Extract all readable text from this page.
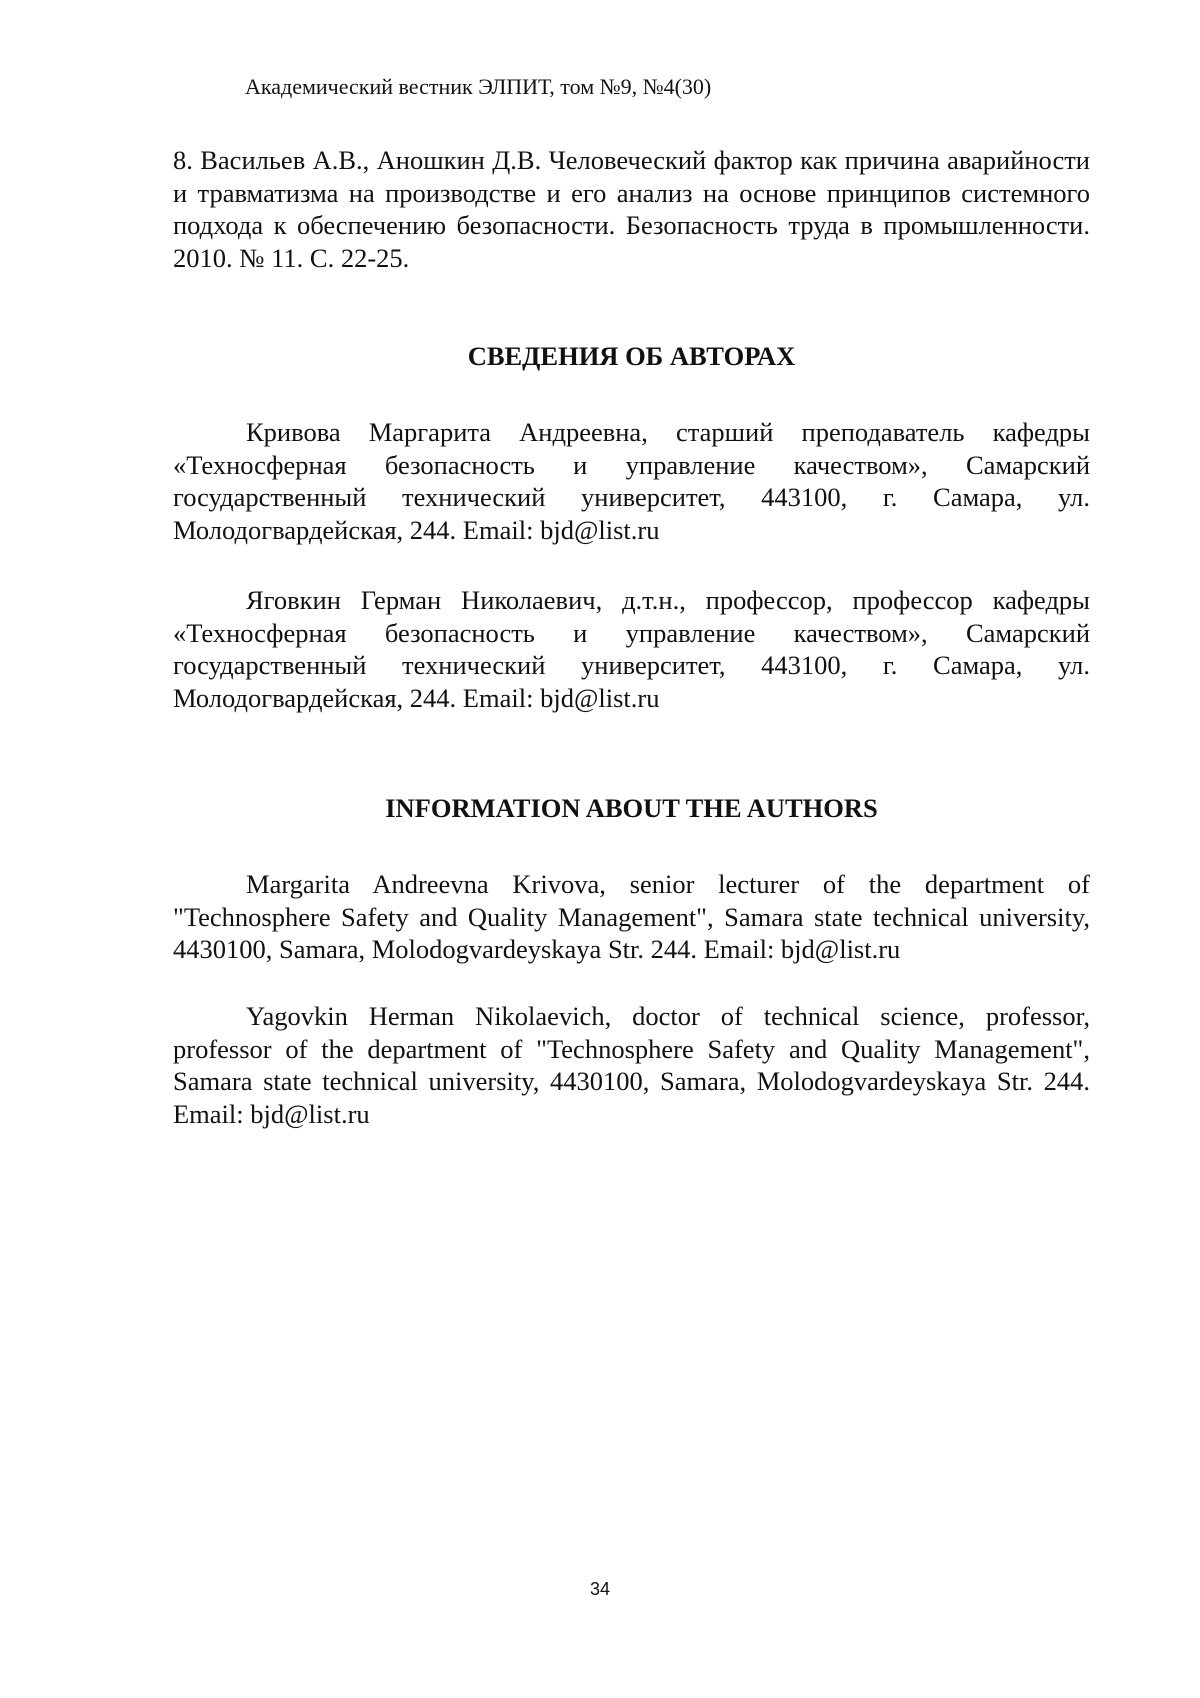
Академический вестник ЭЛПИТ, том №9, №4(30)

8. Васильев А.В., Аношкин Д.В. Человеческий фактор как причина аварийности и травматизма на производстве и его анализ на основе принципов системного подхода к обеспечению безопасности. Безопасность труда в промышленности. 2010. № 11. С. 22-25.

СВЕДЕНИЯ ОБ АВТОРАХ

Кривова Маргарита Андреевна, старший преподаватель кафедры «Техносферная безопасность и управление качеством», Самарский государственный технический университет, 443100, г. Самара, ул. Молодогвардейская, 244. Email: bjd@list.ru

Яговкин Герман Николаевич, д.т.н., профессор, профессор кафедры «Техносферная безопасность и управление качеством», Самарский государственный технический университет, 443100, г. Самара, ул. Молодогвардейская, 244. Email: bjd@list.ru

INFORMATION ABOUT THE AUTHORS

Margarita Andreevna Krivova, senior lecturer of the department of "Technosphere Safety and Quality Management", Samara state technical university, 4430100, Samara, Molodogvardeyskaya Str. 244. Email: bjd@list.ru

Yagovkin Herman Nikolaevich, doctor of technical science, professor, professor of the department of "Technosphere Safety and Quality Management", Samara state technical university, 4430100, Samara, Molodogvardeyskaya Str. 244. Email: bjd@list.ru

34
